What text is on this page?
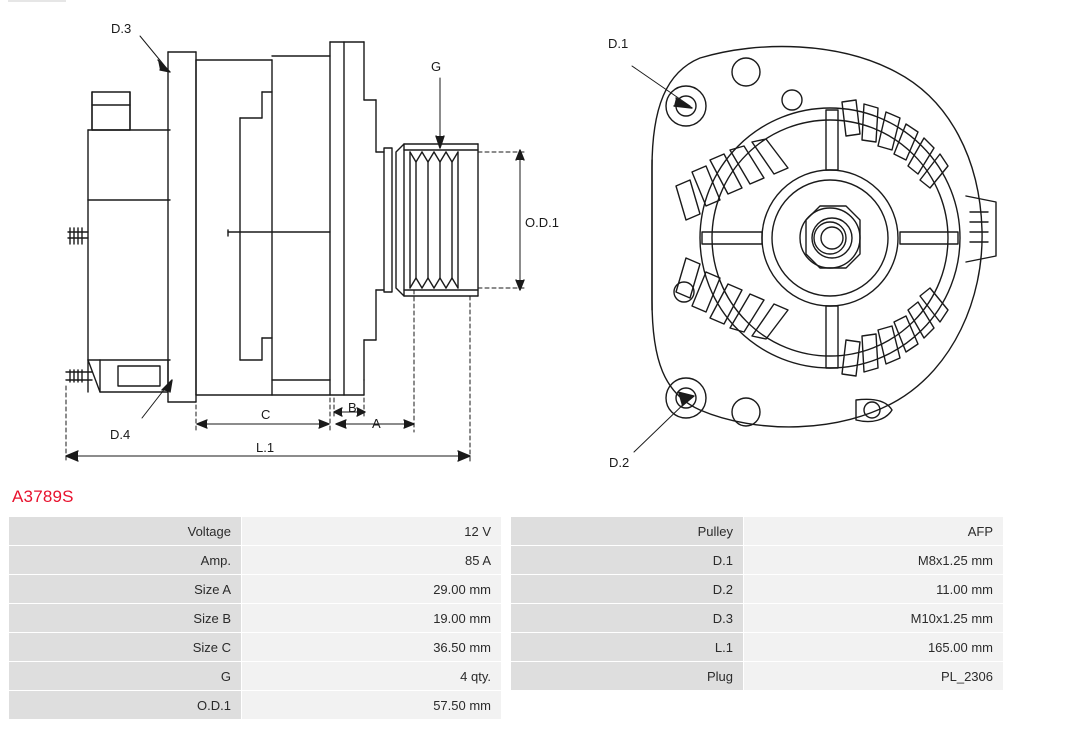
D.3
G
O.D.1
D.4
C	B
A
L.1
D.1
D.2
A3789S
Voltage	12 V
Amp.	85 A
Size A	29.00 mm
Size B	19.00 mm
Size C	36.50 mm
G	4 qty.
O.D.1	57.50 mm
Pulley	AFP
D.1	M8x1.25 mm
D.2	11.00 mm
D.3	M10x1.25 mm
L.1	165.00 mm
Plug	PL_2306
